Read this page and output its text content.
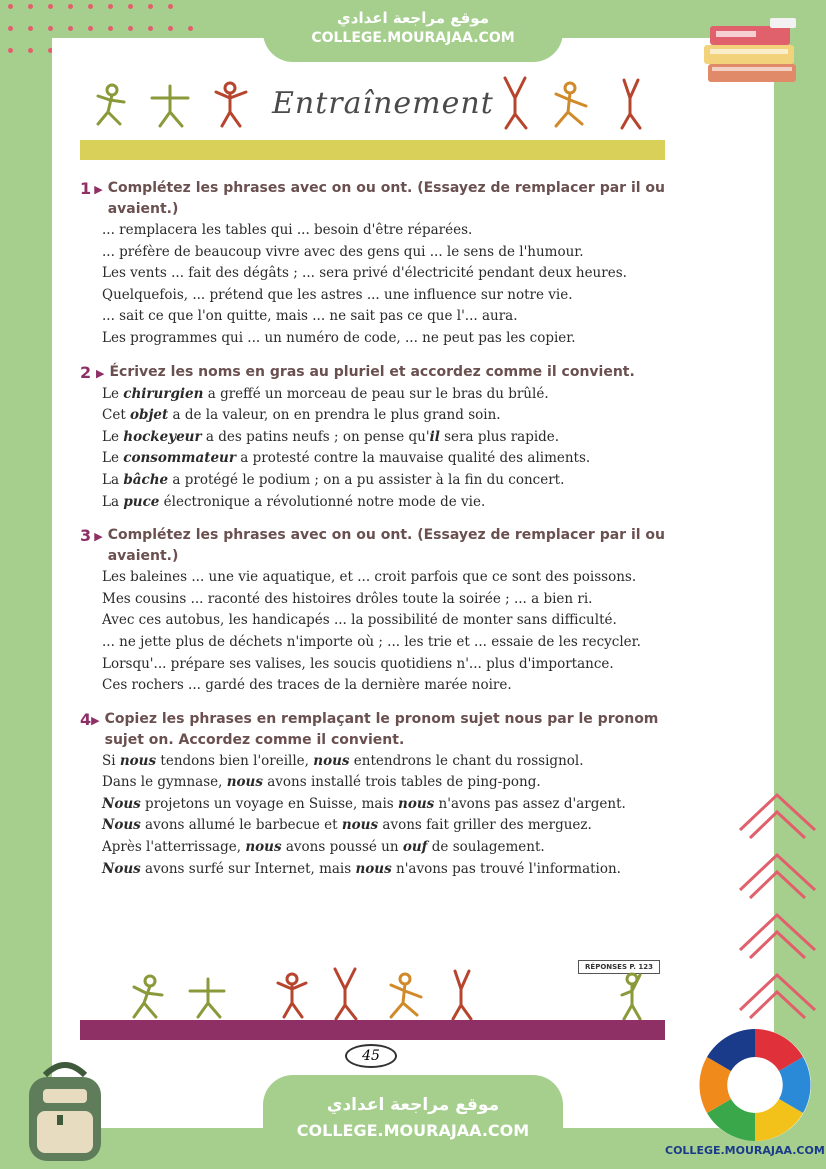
موقع مراجعة اعدادي
COLLEGE.MOURAJAA.COM
Entraînement
1 ▶ Complétez les phrases avec on ou ont. (Essayez de remplacer par il ou avaient.)
... remplacera les tables qui ... besoin d'être réparées.
... préfère de beaucoup vivre avec des gens qui ... le sens de l'humour.
Les vents ... fait des dégâts ; ... sera privé d'électricité pendant deux heures.
Quelquefois, ... prétend que les astres ... une influence sur notre vie.
... sait ce que l'on quitte, mais ... ne sait pas ce que l'... aura.
Les programmes qui ... un numéro de code, ... ne peut pas les copier.
2 ▶ Écrivez les noms en gras au pluriel et accordez comme il convient.
Le chirurgien a greffé un morceau de peau sur le bras du brûlé.
Cet objet a de la valeur, on en prendra le plus grand soin.
Le hockeyeur a des patins neufs ; on pense qu'il sera plus rapide.
Le consommateur a protesté contre la mauvaise qualité des aliments.
La bâche a protégé le podium ; on a pu assister à la fin du concert.
La puce électronique a révolutionné notre mode de vie.
3 ▶ Complétez les phrases avec on ou ont. (Essayez de remplacer par il ou avaient.)
Les baleines ... une vie aquatique, et ... croit parfois que ce sont des poissons.
Mes cousins ... raconté des histoires drôles toute la soirée ; ... a bien ri.
Avec ces autobus, les handicapés ... la possibilité de monter sans difficulté.
... ne jette plus de déchets n'importe où ; ... les trie et ... essaie de les recycler.
Lorsqu'... prépare ses valises, les soucis quotidiens n'... plus d'importance.
Ces rochers ... gardé des traces de la dernière marée noire.
4 ▶ Copiez les phrases en remplaçant le pronom sujet nous par le pronom sujet on. Accordez comme il convient.
Si nous tendons bien l'oreille, nous entendrons le chant du rossignol.
Dans le gymnase, nous avons installé trois tables de ping-pong.
Nous projetons un voyage en Suisse, mais nous n'avons pas assez d'argent.
Nous avons allumé le barbecue et nous avons fait griller des merguez.
Après l'atterrissage, nous avons poussé un ouf de soulagement.
Nous avons surfé sur Internet, mais nous n'avons pas trouvé l'information.
RÉPONSES P. 123
45
موقع مراجعة اعدادي
COLLEGE.MOURAJAA.COM
COLLEGE.MOURAJAA.COM
